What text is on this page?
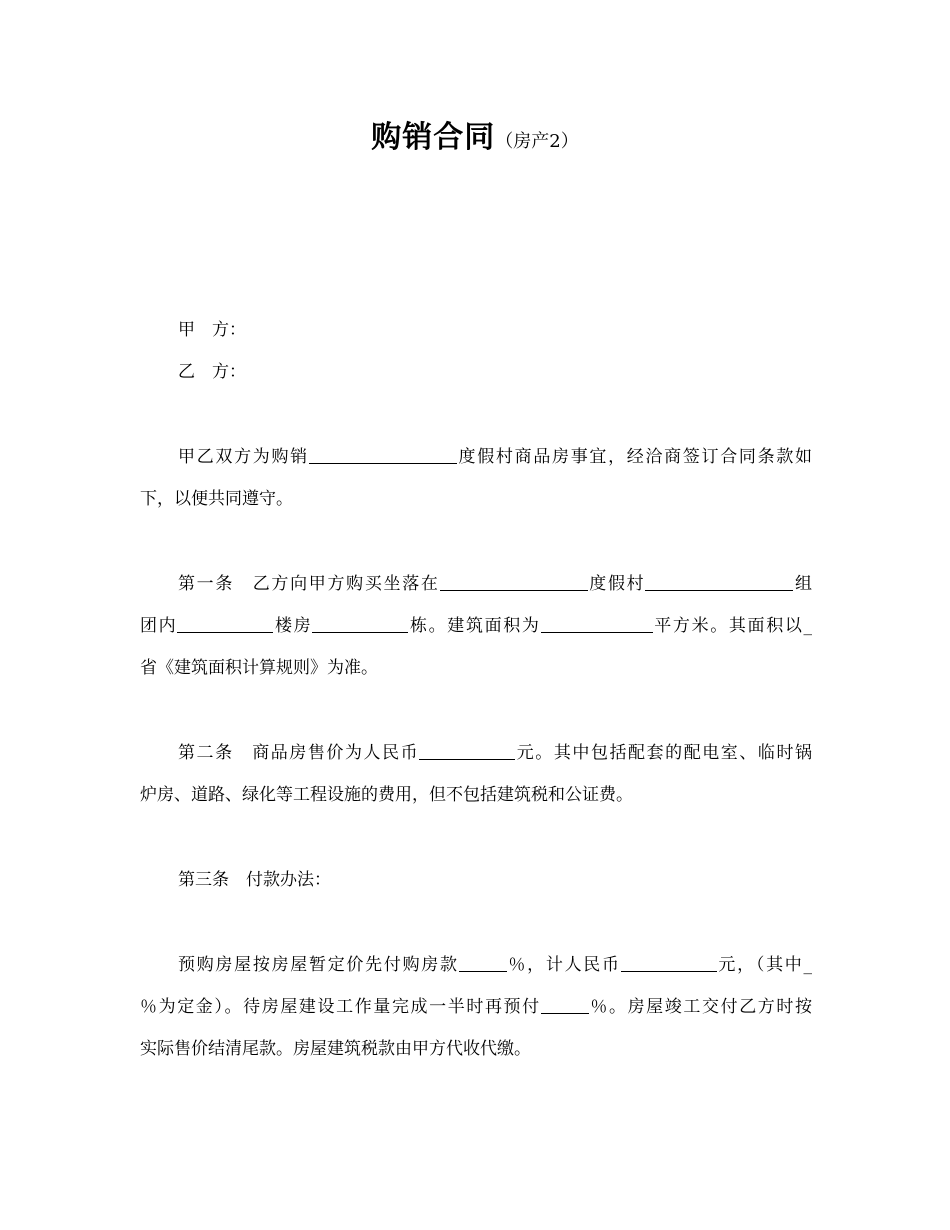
购销合同（房产2）
甲　方：
乙　方：
甲乙双方为购销	度假村商品房事宜，经洽商签订合同条款如
下，以便共同遵守。
第一条 乙方向甲方购买坐落在	度假村	组
团内	楼房	栋。建筑面积为	平方米。其面积以_
省《建筑面积计算规则》为准。
第二条 商品房售价为人民币	元。其中包括配套的配电室、临时锅
炉房、道路、绿化等工程设施的费用，但不包括建筑税和公证费。
第三条 付款办法：
预购房屋按房屋暂定价先付购房款	％，计人民币	元，（其中_
％为定金）。待房屋建设工作量完成一半时再预付	％。房屋竣工交付乙方时按
实际售价结清尾款。房屋建筑税款由甲方代收代缴。
